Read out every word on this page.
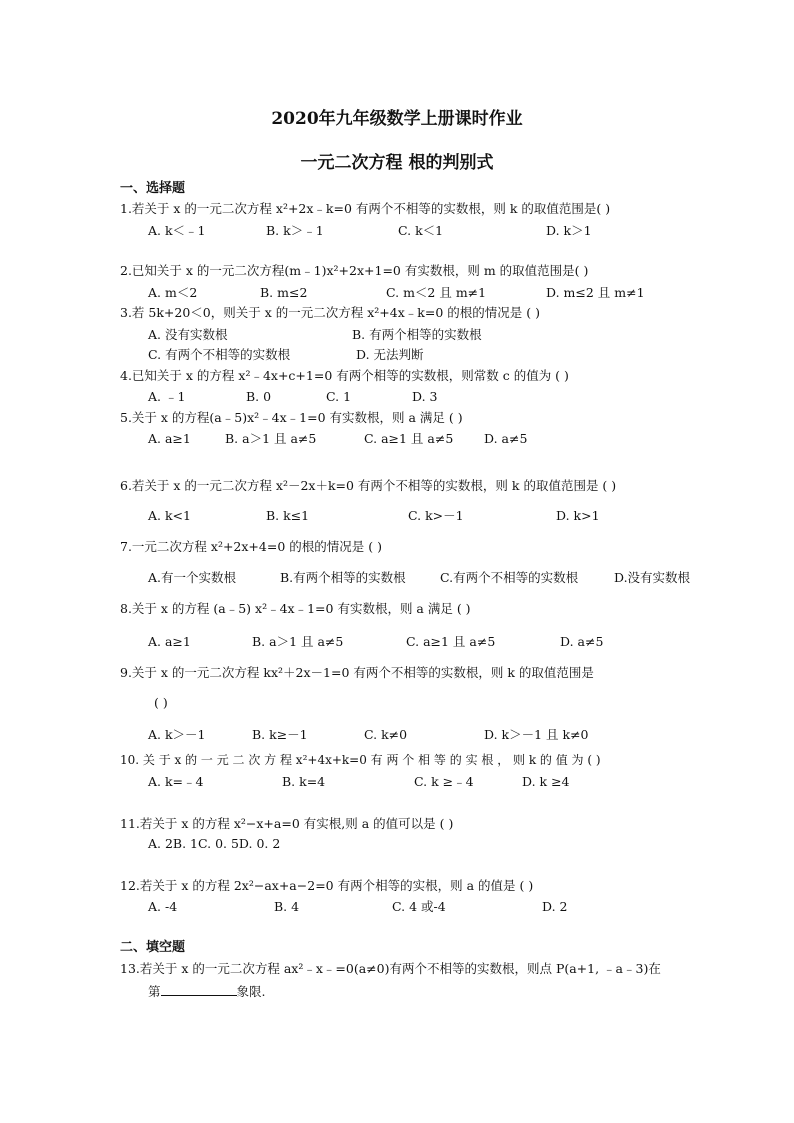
2020年九年级数学上册课时作业
一元二次方程 根的判别式
一、选择题
1.若关于 x 的一元二次方程 x²+2x﹣k=0 有两个不相等的实数根，则 k 的取值范围是( )
A. k＜﹣1	B. k＞﹣1	C. k＜1	D. k＞1
2.已知关于 x 的一元二次方程(m﹣1)x²+2x+1=0 有实数根，则 m 的取值范围是( )
A. m＜2	B. m≤2	C. m＜2 且 m≠1	D. m≤2 且 m≠1
3.若 5k+20＜0，则关于 x 的一元二次方程 x²+4x﹣k=0 的根的情况是 ( )
A. 没有实数根	B. 有两个相等的实数根
C. 有两个不相等的实数根	D. 无法判断
4.已知关于 x 的方程 x²﹣4x+c+1=0 有两个相等的实数根，则常数 c 的值为 ( )
A. ﹣1	B. 0	C. 1	D. 3
5.关于 x 的方程(a﹣5)x²﹣4x﹣1=0 有实数根，则 a 满足 ( )
A. a≥1	B. a＞1 且 a≠5	C. a≥1 且 a≠5 D. a≠5
6.若关于 x 的一元二次方程 x²－2x＋k=0 有两个不相等的实数根，则 k 的取值范围是 ( )
A. k<1	B. k≤1	C. k>－1	D. k>1
7.一元二次方程 x²+2x+4=0 的根的情况是 ( )
A.有一个实数根	B.有两个相等的实数根	C.有两个不相等的实数根	D.没有实数根
8.关于 x 的方程 (a﹣5) x²﹣4x﹣1=0 有实数根，则 a 满足 ( )
A. a≥1	B. a＞1 且 a≠5	C. a≥1 且 a≠5	D. a≠5
9.关于 x 的一元二次方程 kx²＋2x－1=0 有两个不相等的实数根，则 k 的取值范围是
( )
A. k＞－1	B. k≥－1	C. k≠0	D. k＞－1 且 k≠0
10. 关 于 x 的 一 元 二 次 方 程 x²+4x+k=0 有 两 个 相 等 的 实 根 ， 则 k 的 值 为 ( )
A. k=﹣4	B. k=4	C. k ≥﹣4	D. k ≥4
11.若关于 x 的方程 x²−x+a=0 有实根,则 a 的值可以是 ( )
A. 2B. 1C. 0. 5D. 0. 2
12.若关于 x 的方程 2x²−ax+a−2=0 有两个相等的实根，则 a 的值是 ( )
A. -4	B. 4	C. 4 或-4	D. 2
二、填空题
13.若关于 x 的一元二次方程 ax²﹣x﹣=0(a≠0)有两个不相等的实数根，则点 P(a+1, ﹣a﹣3)在
第	象限.
